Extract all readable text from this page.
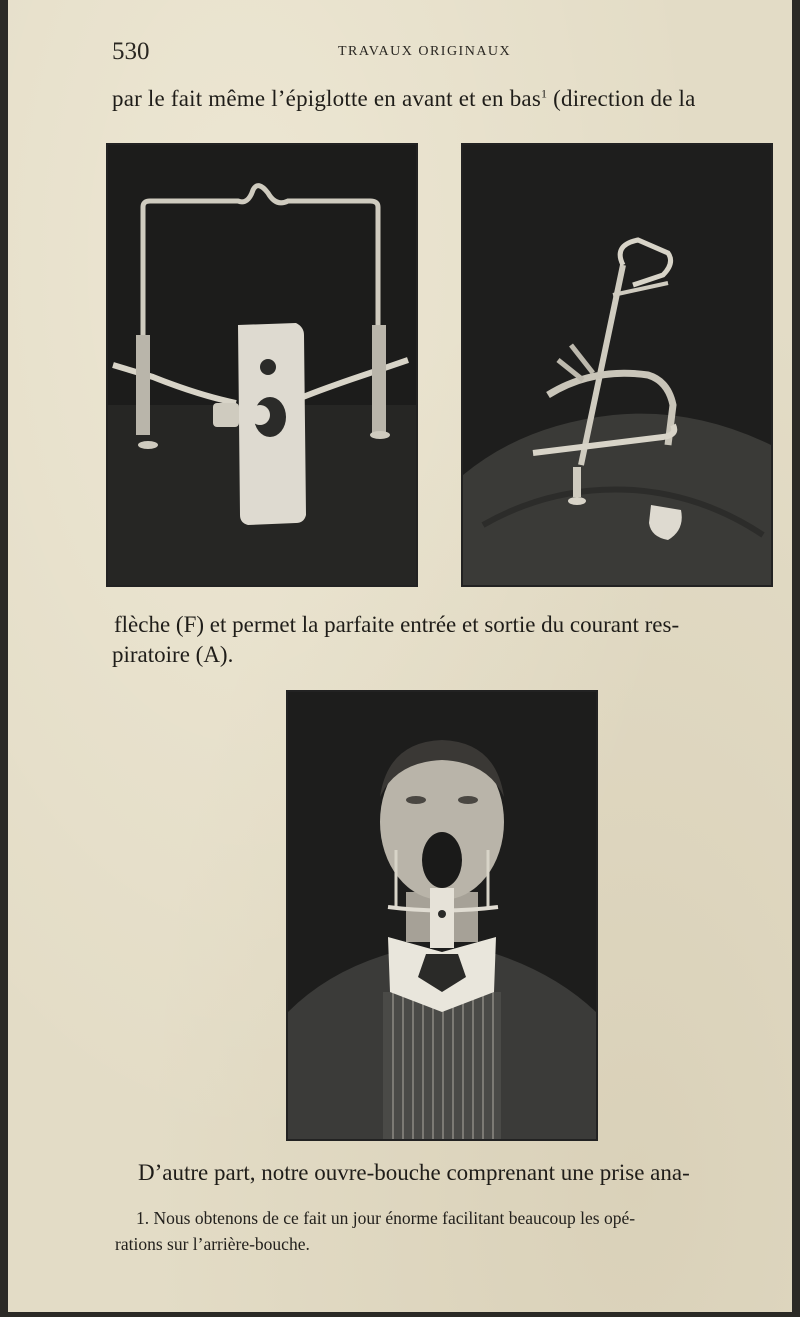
530	TRAVAUX ORIGINAUX
par le fait même l’épiglotte en avant et en bas$^1$ (direction de la
flèche (F) et permet la parfaite entrée et sortie du courant res-
piratoire (A).
D’autre part, notre ouvre-bouche comprenant une prise ana-
1. Nous obtenons de ce fait un jour énorme facilitant beaucoup les opé-
rations sur l’arrière-bouche.
